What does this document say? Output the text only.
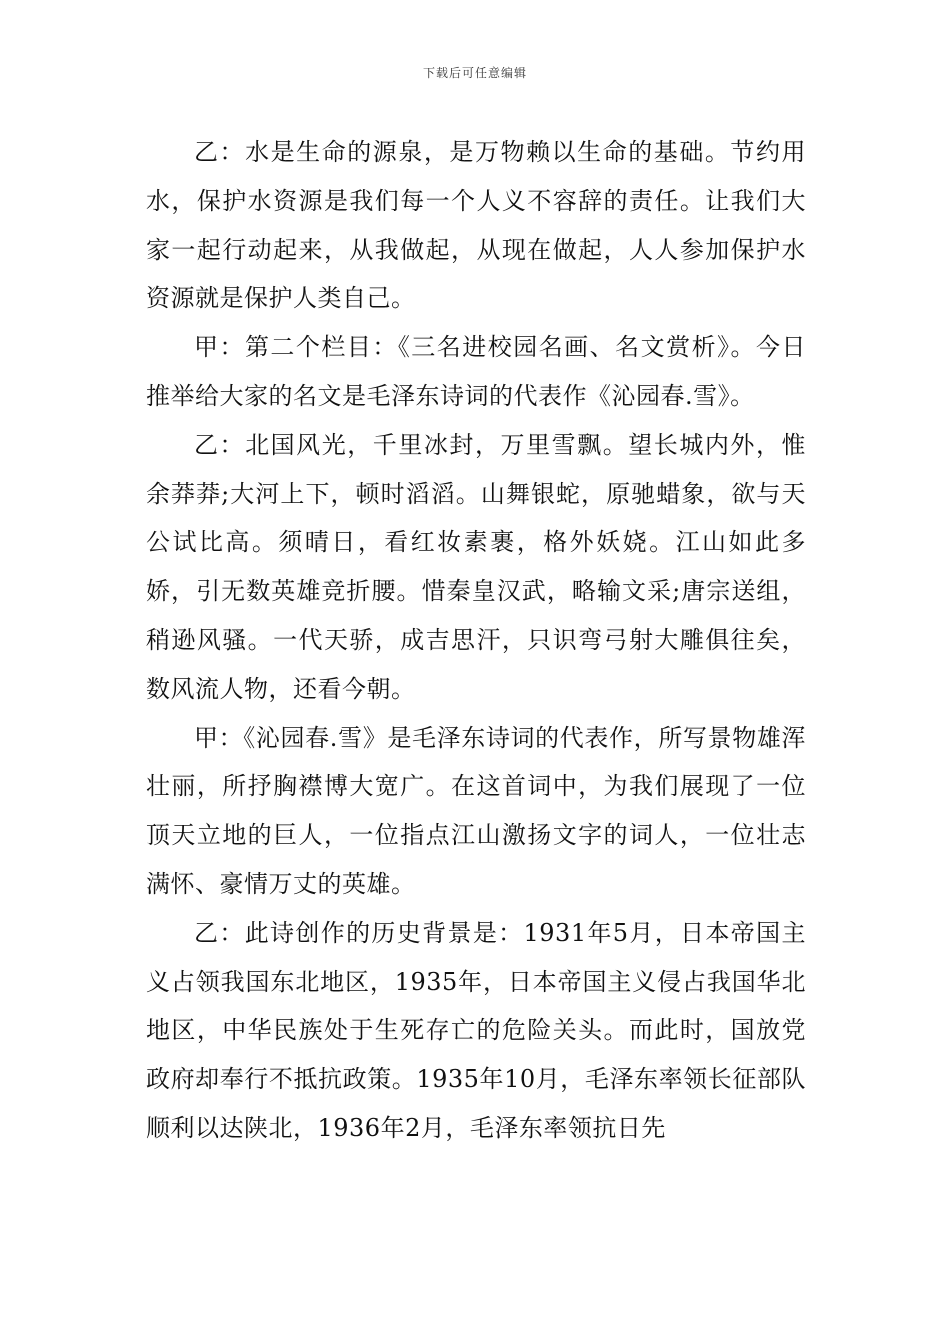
下载后可任意编辑

乙：水是生命的源泉，是万物赖以生命的基础。节约用水，保护水资源是我们每一个人义不容辞的责任。让我们大家一起行动起来，从我做起，从现在做起，人人参加保护水资源就是保护人类自己。

甲：第二个栏目：《三名进校园名画、名文赏析》。今日推举给大家的名文是毛泽东诗词的代表作《沁园春.雪》。

乙：北国风光，千里冰封，万里雪飘。望长城内外，惟余莽莽;大河上下，顿时滔滔。山舞银蛇，原驰蜡象，欲与天公试比高。须晴日，看红妆素裹，格外妖娆。江山如此多娇，引无数英雄竞折腰。惜秦皇汉武，略输文采;唐宗送组，稍逊风骚。一代天骄，成吉思汗，只识弯弓射大雕俱往矣，数风流人物，还看今朝。

甲：《沁园春.雪》是毛泽东诗词的代表作，所写景物雄浑壮丽，所抒胸襟博大宽广。在这首词中，为我们展现了一位顶天立地的巨人，一位指点江山激扬文字的词人，一位壮志满怀、豪情万丈的英雄。

乙：此诗创作的历史背景是：1931年5月，日本帝国主义占领我国东北地区，1935年，日本帝国主义侵占我国华北地区，中华民族处于生死存亡的危险关头。而此时，国放党政府却奉行不抵抗政策。1935年10月，毛泽东率领长征部队顺利以达陕北，1936年2月，毛泽东率领抗日先
